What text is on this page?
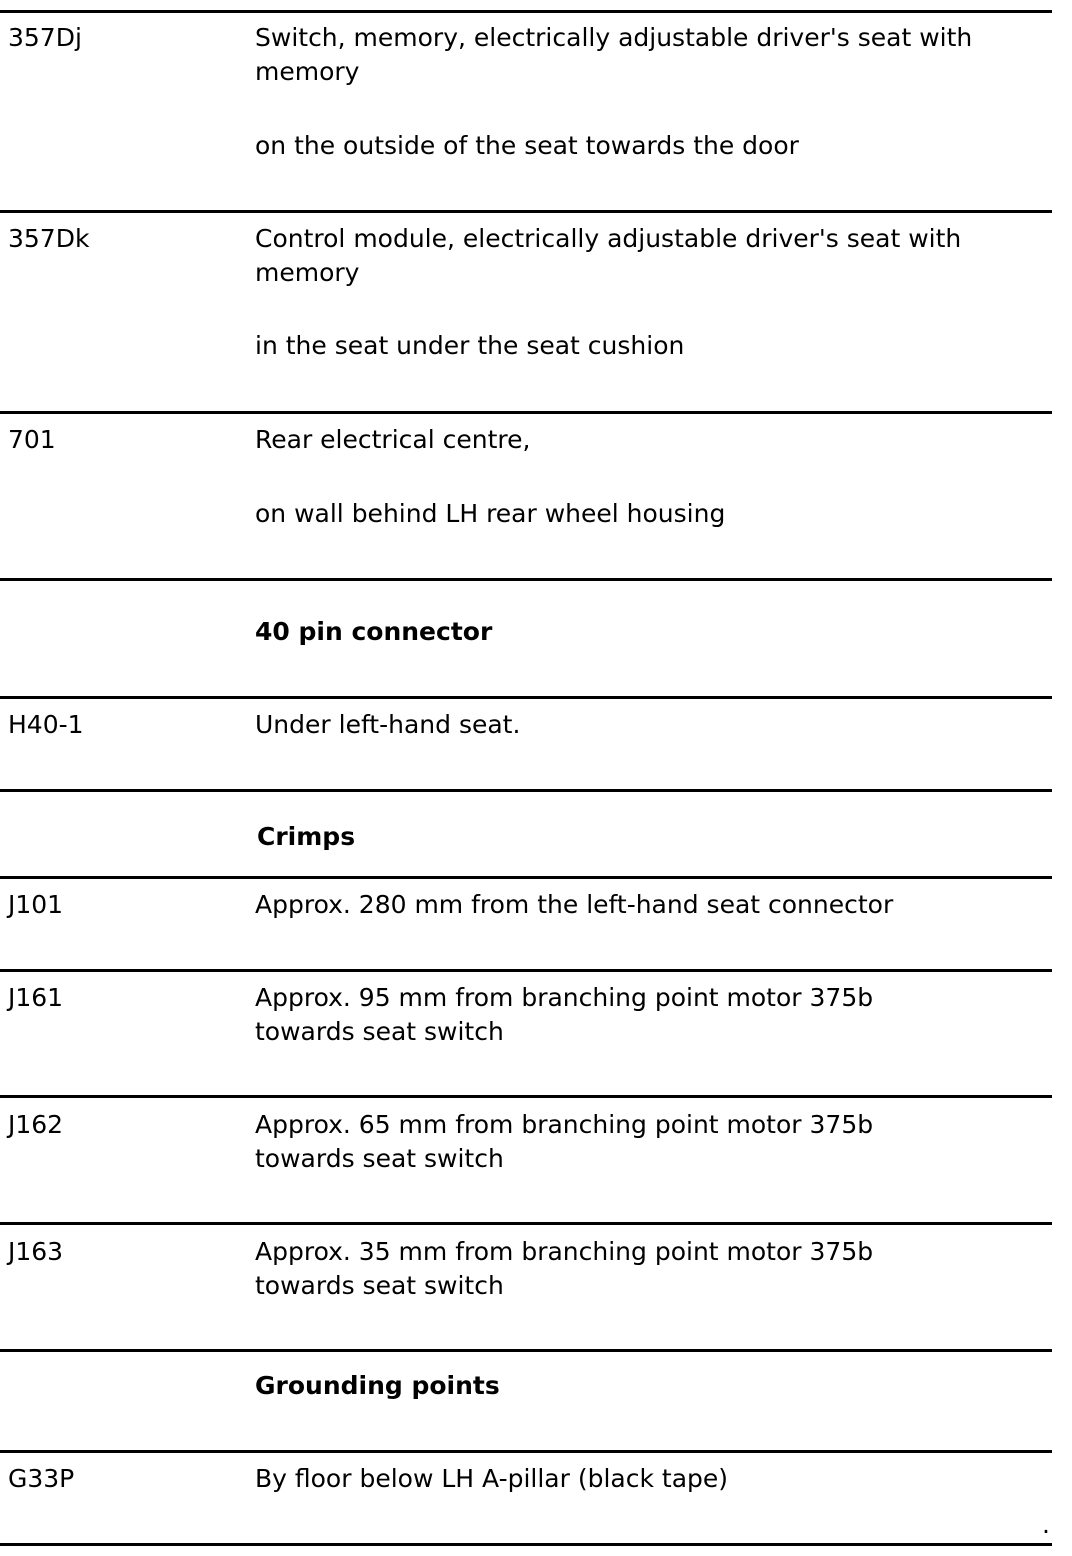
357Dj	Switch, memory, electrically adjustable driver's seat with memory
on the outside of the seat towards the door
357Dk	Control module, electrically adjustable driver's seat with memory
in the seat under the seat cushion
701	Rear electrical centre,
on wall behind LH rear wheel housing
40 pin connector
H40-1	Under left-hand seat.
Crimps
J101	Approx. 280 mm from the left-hand seat connector
J161	Approx. 95 mm from branching point motor 375b towards seat switch
J162	Approx. 65 mm from branching point motor 375b towards seat switch
J163	Approx. 35 mm from branching point motor 375b towards seat switch
Grounding points
G33P	By floor below LH A-pillar (black tape)
.
